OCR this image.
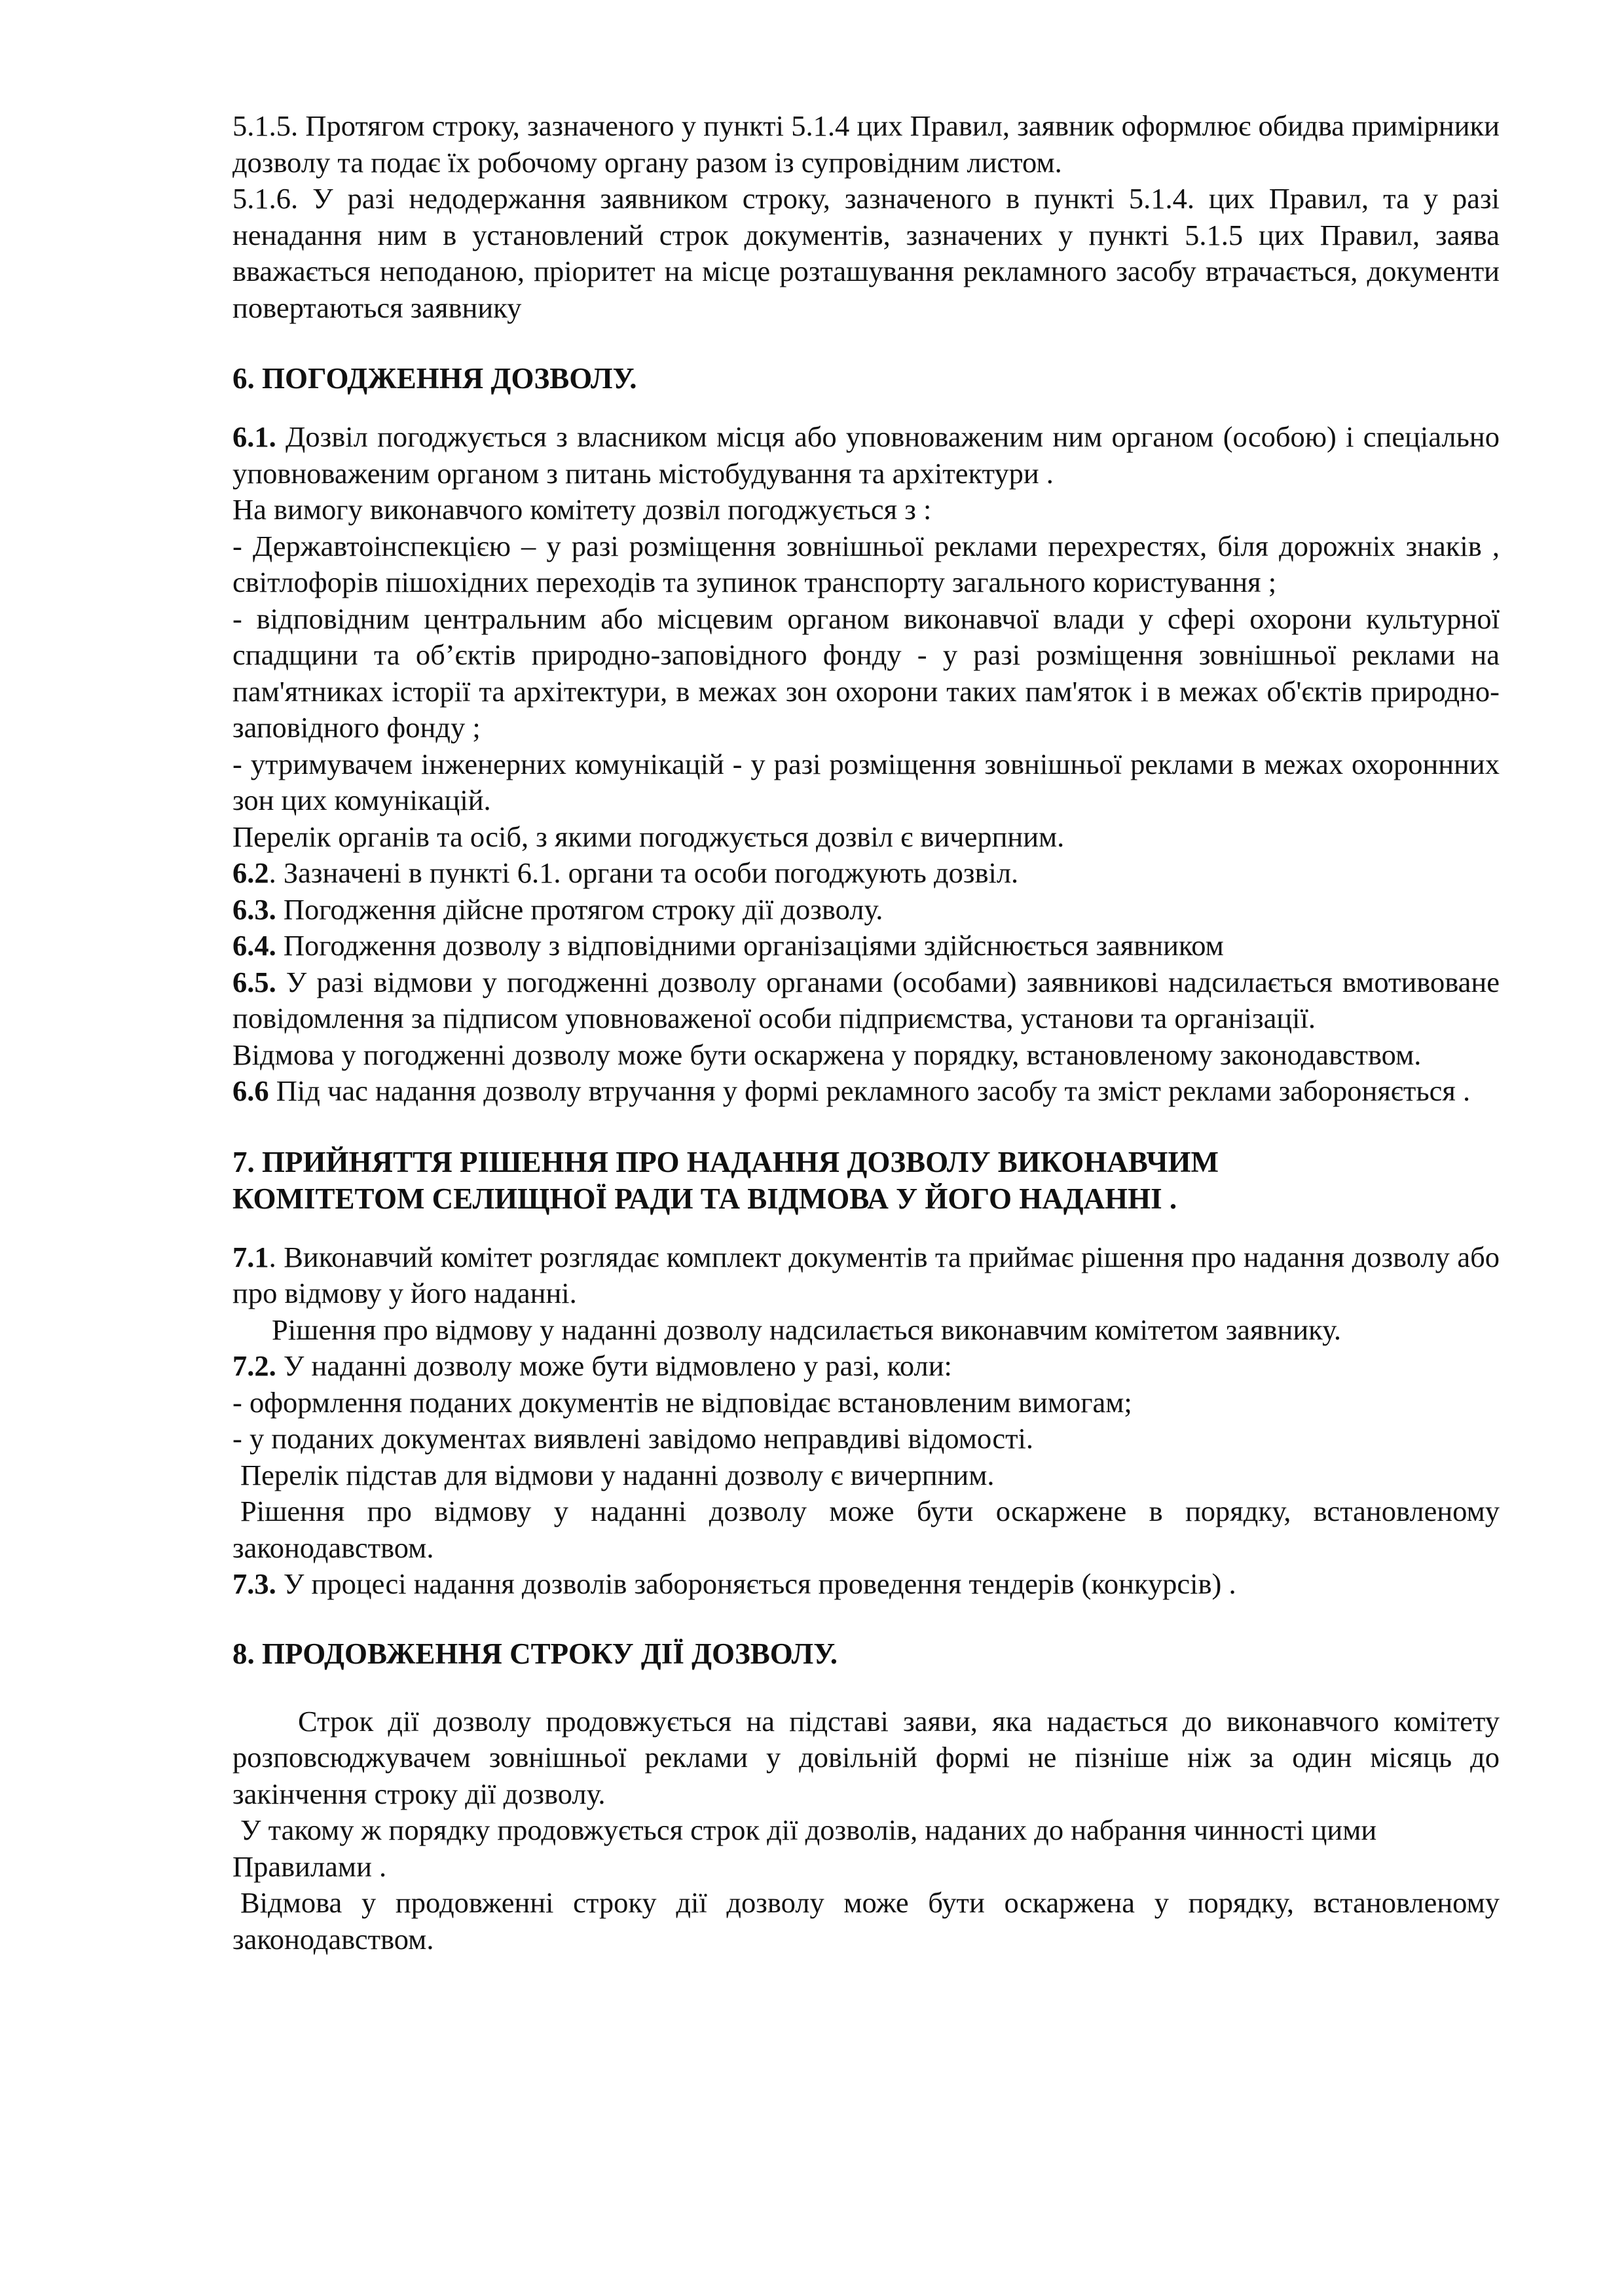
5.1.5. Протягом строку, зазначеного у пункті 5.1.4 цих Правил, заявник оформлює обидва примірники дозволу та подає їх робочому органу разом із супровідним листом.

5.1.6. У разі недодержання заявником строку, зазначеного в пункті 5.1.4. цих Правил, та у разі ненадання ним в установлений строк документів, зазначених у пункті 5.1.5 цих Правил, заява вважається неподаною, пріоритет на місце розташування рекламного засобу втрачається, документи повертаються заявнику

6. ПОГОДЖЕННЯ ДОЗВОЛУ.

6.1. Дозвіл погоджується з власником місця або уповноваженим ним органом (особою) і спеціально уповноваженим органом з питань містобудування та архітектури .

На вимогу виконавчого комітету дозвіл погоджується з :

- Державтоінспекцією – у разі розміщення зовнішньої реклами перехрестях, біля дорожніх знаків , світлофорів пішохідних переходів та зупинок транспорту загального користування ;

- відповідним центральним або місцевим органом виконавчої влади у сфері охорони культурної спадщини та об’єктів природно-заповідного фонду - у разі розміщення зовнішньої реклами на пам'ятниках історії та архітектури, в межах зон охорони таких пам'яток і в межах об'єктів природно-заповідного фонду ;

- утримувачем інженерних комунікацій - у разі розміщення зовнішньої реклами в межах охороннних зон цих комунікацій.

Перелік органів та осіб, з якими погоджується дозвіл є вичерпним.

6.2. Зазначені в пункті 6.1. органи та особи погоджують дозвіл.

6.3. Погодження дійсне протягом строку дії дозволу.

6.4. Погодження дозволу з відповідними організаціями здійснюється заявником

6.5. У разі відмови у погодженні дозволу органами (особами) заявникові надсилається вмотивоване повідомлення за підписом уповноваженої особи підприємства, установи та організації.

Відмова у погодженні дозволу може бути оскаржена у порядку, встановленому законодавством.

6.6 Під час надання дозволу втручання у формі рекламного засобу та зміст реклами забороняється .

7. ПРИЙНЯТТЯ РІШЕННЯ ПРО НАДАННЯ ДОЗВОЛУ ВИКОНАВЧИМ
КОМІТЕТОМ СЕЛИЩНОЇ РАДИ ТА ВІДМОВА У ЙОГО НАДАННІ .

7.1. Виконавчий комітет розглядає комплект документів та приймає рішення про надання дозволу або про відмову у його наданні.

Рішення про відмову у наданні дозволу надсилається виконавчим комітетом заявнику.

7.2. У наданні дозволу може бути відмовлено у разі, коли:

- оформлення поданих документів не відповідає встановленим вимогам;

- у поданих документах виявлені завідомо неправдиві відомості.

Перелік підстав для відмови у наданні дозволу є вичерпним.

Рішення про відмову у наданні дозволу може бути оскаржене в порядку, встановленому законодавством.

7.3. У процесі надання дозволів забороняється проведення тендерів (конкурсів) .

8. ПРОДОВЖЕННЯ СТРОКУ ДІЇ ДОЗВОЛУ.

Строк дії дозволу продовжується на підставі заяви, яка надається до виконавчого комітету розповсюджувачем зовнішньої реклами у довільній формі не пізніше ніж за один місяць до закінчення строку дії дозволу.

У такому ж порядку продовжується строк дії дозволів, наданих до набрання чинності цими Правилами .

Відмова у продовженні строку дії дозволу може бути оскаржена у порядку, встановленому законодавством.
